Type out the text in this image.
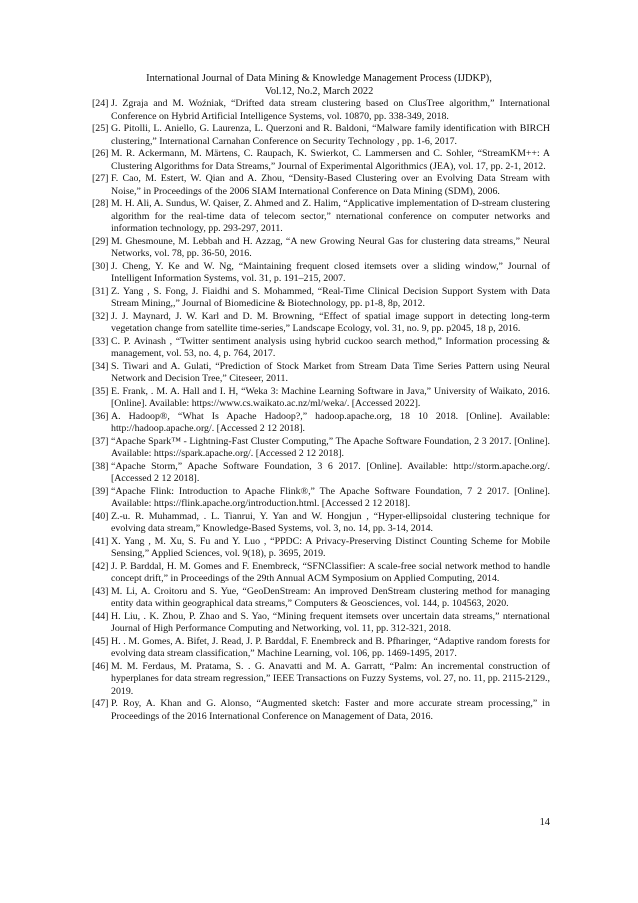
International Journal of Data Mining & Knowledge Management Process (IJDKP),
Vol.12, No.2, March 2022
[24] J. Zgraja and M. Woźniak, “Drifted data stream clustering based on ClusTree algorithm,” International Conference on Hybrid Artificial Intelligence Systems, vol. 10870, pp. 338-349, 2018.
[25] G. Pitolli, L. Aniello, G. Laurenza, L. Querzoni and R. Baldoni, “Malware family identification with BIRCH clustering,” International Carnahan Conference on Security Technology , pp. 1-6, 2017.
[26] M. R. Ackermann, M. Märtens, C. Raupach, K. Swierkot, C. Lammersen and C. Sohler, “StreamKM++: A Clustering Algorithms for Data Streams,” Journal of Experimental Algorithmics (JEA), vol. 17, pp. 2-1, 2012.
[27] F. Cao, M. Estert, W. Qian and A. Zhou, “Density-Based Clustering over an Evolving Data Stream with Noise,” in Proceedings of the 2006 SIAM International Conference on Data Mining (SDM), 2006.
[28] M. H. Ali, A. Sundus, W. Qaiser, Z. Ahmed and Z. Halim, “Applicative implementation of D-stream clustering algorithm for the real-time data of telecom sector,” nternational conference on computer networks and information technology, pp. 293-297, 2011.
[29] M. Ghesmoune, M. Lebbah and H. Azzag, “A new Growing Neural Gas for clustering data streams,” Neural Networks, vol. 78, pp. 36-50, 2016.
[30] J. Cheng, Y. Ke and W. Ng, “Maintaining frequent closed itemsets over a sliding window,” Journal of Intelligent Information Systems, vol. 31, p. 191–215, 2007.
[31] Z. Yang , S. Fong, J. Fiaidhi and S. Mohammed, “Real-Time Clinical Decision Support System with Data Stream Mining,,” Journal of Biomedicine & Biotechnology, pp. p1-8, 8p, 2012.
[32] J. J. Maynard, J. W. Karl and D. M. Browning, “Effect of spatial image support in detecting long-term vegetation change from satellite time-series,” Landscape Ecology, vol. 31, no. 9, pp. p2045, 18 p, 2016.
[33] C. P. Avinash , “Twitter sentiment analysis using hybrid cuckoo search method,” Information processing & management, vol. 53, no. 4, p. 764, 2017.
[34] S. Tiwari and A. Gulati, “Prediction of Stock Market from Stream Data Time Series Pattern using Neural Network and Decision Tree,” Citeseer, 2011.
[35] E. Frank, . M. A. Hall and I. H, “Weka 3: Machine Learning Software in Java,” University of Waikato, 2016. [Online]. Available: https://www.cs.waikato.ac.nz/ml/weka/. [Accessed 2022].
[36] A. Hadoop®, “What Is Apache Hadoop?,” hadoop.apache.org, 18 10 2018. [Online]. Available: http://hadoop.apache.org/. [Accessed 2 12 2018].
[37] “Apache Spark™ - Lightning-Fast Cluster Computing,” The Apache Software Foundation, 2 3 2017. [Online]. Available: https://spark.apache.org/. [Accessed 2 12 2018].
[38] “Apache Storm,” Apache Software Foundation, 3 6 2017. [Online]. Available: http://storm.apache.org/. [Accessed 2 12 2018].
[39] “Apache Flink: Introduction to Apache Flink®,” The Apache Software Foundation, 7 2 2017. [Online]. Available: https://flink.apache.org/introduction.html. [Accessed 2 12 2018].
[40] Z.-u. R. Muhammad, . L. Tianrui, Y. Yan and W. Hongjun , “Hyper-ellipsoidal clustering technique for evolving data stream,” Knowledge-Based Systems, vol. 3, no. 14, pp. 3-14, 2014.
[41] X. Yang , M. Xu, S. Fu and Y. Luo , “PPDC: A Privacy-Preserving Distinct Counting Scheme for Mobile Sensing,” Applied Sciences, vol. 9(18), p. 3695, 2019.
[42] J. P. Barddal, H. M. Gomes and F. Enembreck, “SFNClassifier: A scale-free social network method to handle concept drift,” in Proceedings of the 29th Annual ACM Symposium on Applied Computing, 2014.
[43] M. Li, A. Croitoru and S. Yue, “GeoDenStream: An improved DenStream clustering method for managing entity data within geographical data streams,” Computers & Geosciences, vol. 144, p. 104563, 2020.
[44] H. Liu, . K. Zhou, P. Zhao and S. Yao, “Mining frequent itemsets over uncertain data streams,” nternational Journal of High Performance Computing and Networking, vol. 11, pp. 312-321, 2018.
[45] H. . M. Gomes, A. Bifet, J. Read, J. P. Barddal, F. Enembreck and B. Pfharinger, “Adaptive random forests for evolving data stream classification,” Machine Learning, vol. 106, pp. 1469-1495, 2017.
[46] M. M. Ferdaus, M. Pratama, S. . G. Anavatti and M. A. Garratt, “Palm: An incremental construction of hyperplanes for data stream regression,” IEEE Transactions on Fuzzy Systems, vol. 27, no. 11, pp. 2115-2129., 2019.
[47] P. Roy, A. Khan and G. Alonso, “Augmented sketch: Faster and more accurate stream processing,” in Proceedings of the 2016 International Conference on Management of Data, 2016.
14
